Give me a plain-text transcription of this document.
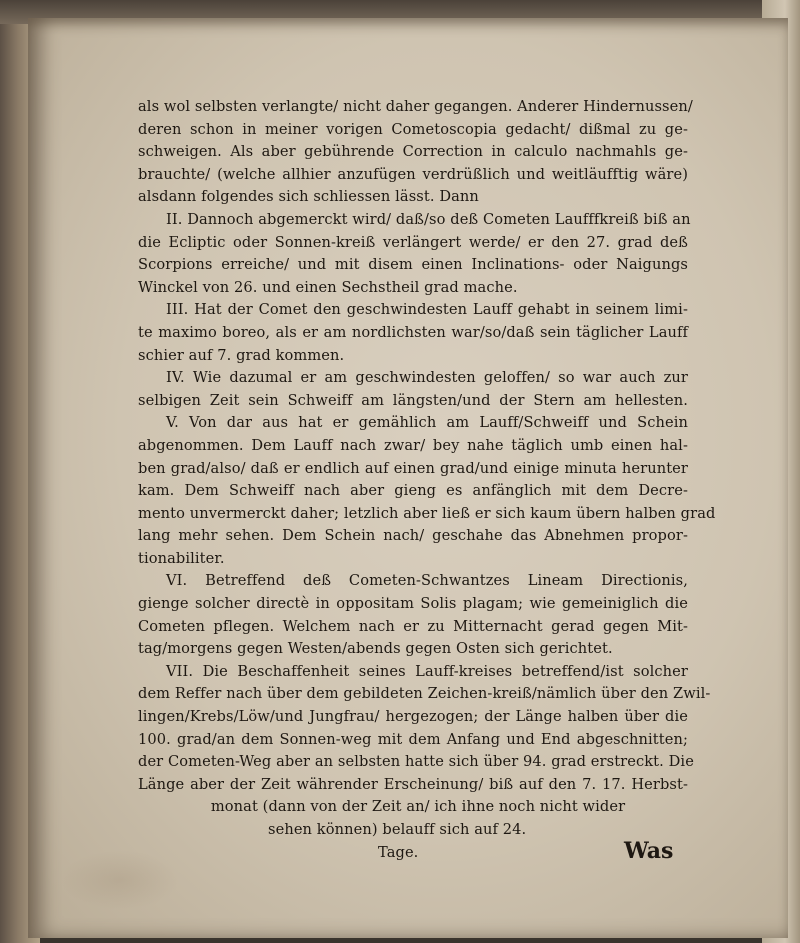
als wol selbsten verlangte/ nicht daher gegangen. Anderer Hindernussen/
deren schon in meiner vorigen Cometoscopia gedacht/ dißmal zu ge-
schweigen. Als aber gebührende Correction in calculo nachmahls ge-
brauchte/ (welche allhier anzufügen verdrüßlich und weitläufftig wäre)
alsdann folgendes sich schliessen lässt. Dann
II. Dannoch abgemerckt wird/ daß/so deß Cometen Laufffkreiß biß an
die Ecliptic oder Sonnen-kreiß verlängert werde/ er den 27. grad deß
Scorpions erreiche/ und mit disem einen Inclinations- oder Naigungs
Winckel von 26. und einen Sechstheil grad mache.
III. Hat der Comet den geschwindesten Lauff gehabt in seinem limi-
te maximo boreo, als er am nordlichsten war/so/daß sein täglicher Lauff
schier auf 7. grad kommen.
IV. Wie dazumal er am geschwindesten geloffen/ so war auch zur
selbigen Zeit sein Schweiff am längsten/und der Stern am hellesten.
V. Von dar aus hat er gemählich am Lauff/Schweiff und Schein
abgenommen. Dem Lauff nach zwar/ bey nahe täglich umb einen hal-
ben grad/also/ daß er endlich auf einen grad/und einige minuta herunter
kam. Dem Schweiff nach aber gieng es anfänglich mit dem Decre-
mento unvermerckt daher; letzlich aber ließ er sich kaum übern halben grad
lang mehr sehen. Dem Schein nach/ geschahe das Abnehmen propor-
tionabiliter.
VI. Betreffend deß Cometen-Schwantzes Lineam Directionis,
gienge solcher directè in oppositam Solis plagam; wie gemeiniglich die
Cometen pflegen. Welchem nach er zu Mitternacht gerad gegen Mit-
tag/morgens gegen Westen/abends gegen Osten sich gerichtet.
VII. Die Beschaffenheit seines Lauff-kreises betreffend/ist solcher
dem Reffer nach über dem gebildeten Zeichen-kreiß/nämlich über den Zwil-
lingen/Krebs/Löw/und Jungfrau/ hergezogen; der Länge halben über die
100. grad/an dem Sonnen-weg mit dem Anfang und End abgeschnitten;
der Cometen-Weg aber an selbsten hatte sich über 94. grad erstreckt. Die
Länge aber der Zeit währender Erscheinung/ biß auf den 7. 17. Herbst-
monat (dann von der Zeit an/ ich ihne noch nicht wider
sehen können) belauff sich auf 24.
Tage.	Was
